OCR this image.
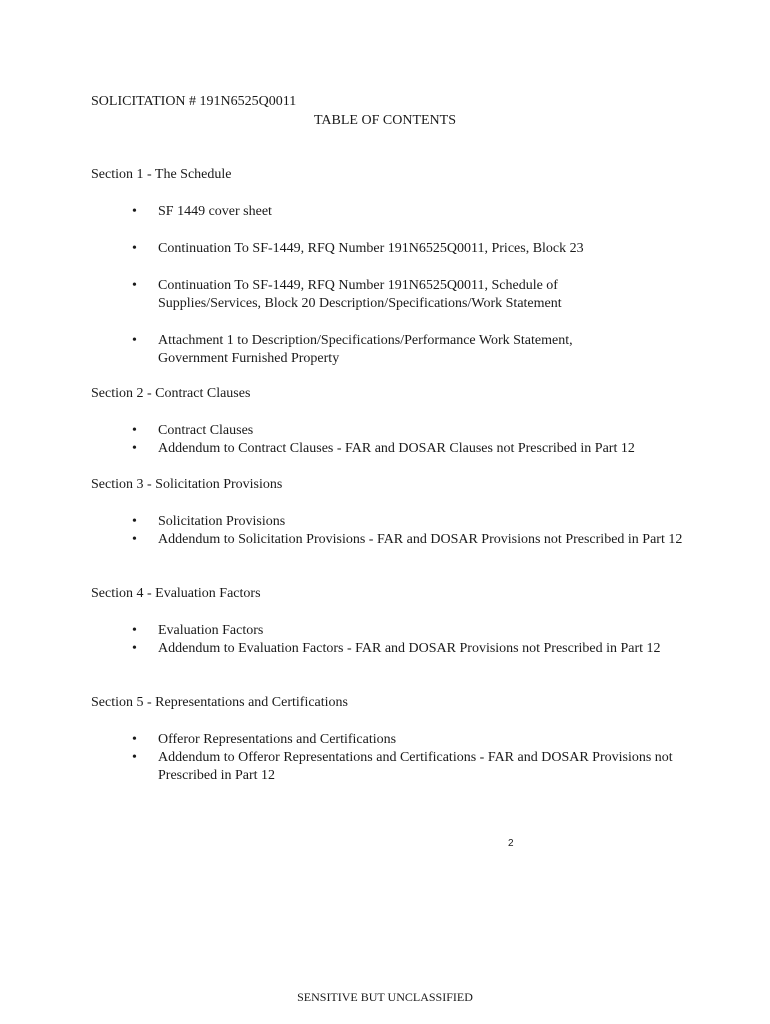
SOLICITATION # 191N6525Q0011
TABLE OF CONTENTS

Section 1 - The Schedule

• SF 1449 cover sheet
• Continuation To SF-1449, RFQ Number 191N6525Q0011, Prices, Block 23
• Continuation To SF-1449, RFQ Number 191N6525Q0011, Schedule of Supplies/Services, Block 20 Description/Specifications/Work Statement
• Attachment 1 to Description/Specifications/Performance Work Statement, Government Furnished Property

Section 2 - Contract Clauses

• Contract Clauses
• Addendum to Contract Clauses - FAR and DOSAR Clauses not Prescribed in Part 12

Section 3 - Solicitation Provisions

• Solicitation Provisions
• Addendum to Solicitation Provisions - FAR and DOSAR Provisions not Prescribed in Part 12

Section 4 - Evaluation Factors

• Evaluation Factors
• Addendum to Evaluation Factors - FAR and DOSAR Provisions not Prescribed in Part 12

Section 5 - Representations and Certifications

• Offeror Representations and Certifications
• Addendum to Offeror Representations and Certifications - FAR and DOSAR Provisions not Prescribed in Part 12
2
SENSITIVE BUT UNCLASSIFIED
